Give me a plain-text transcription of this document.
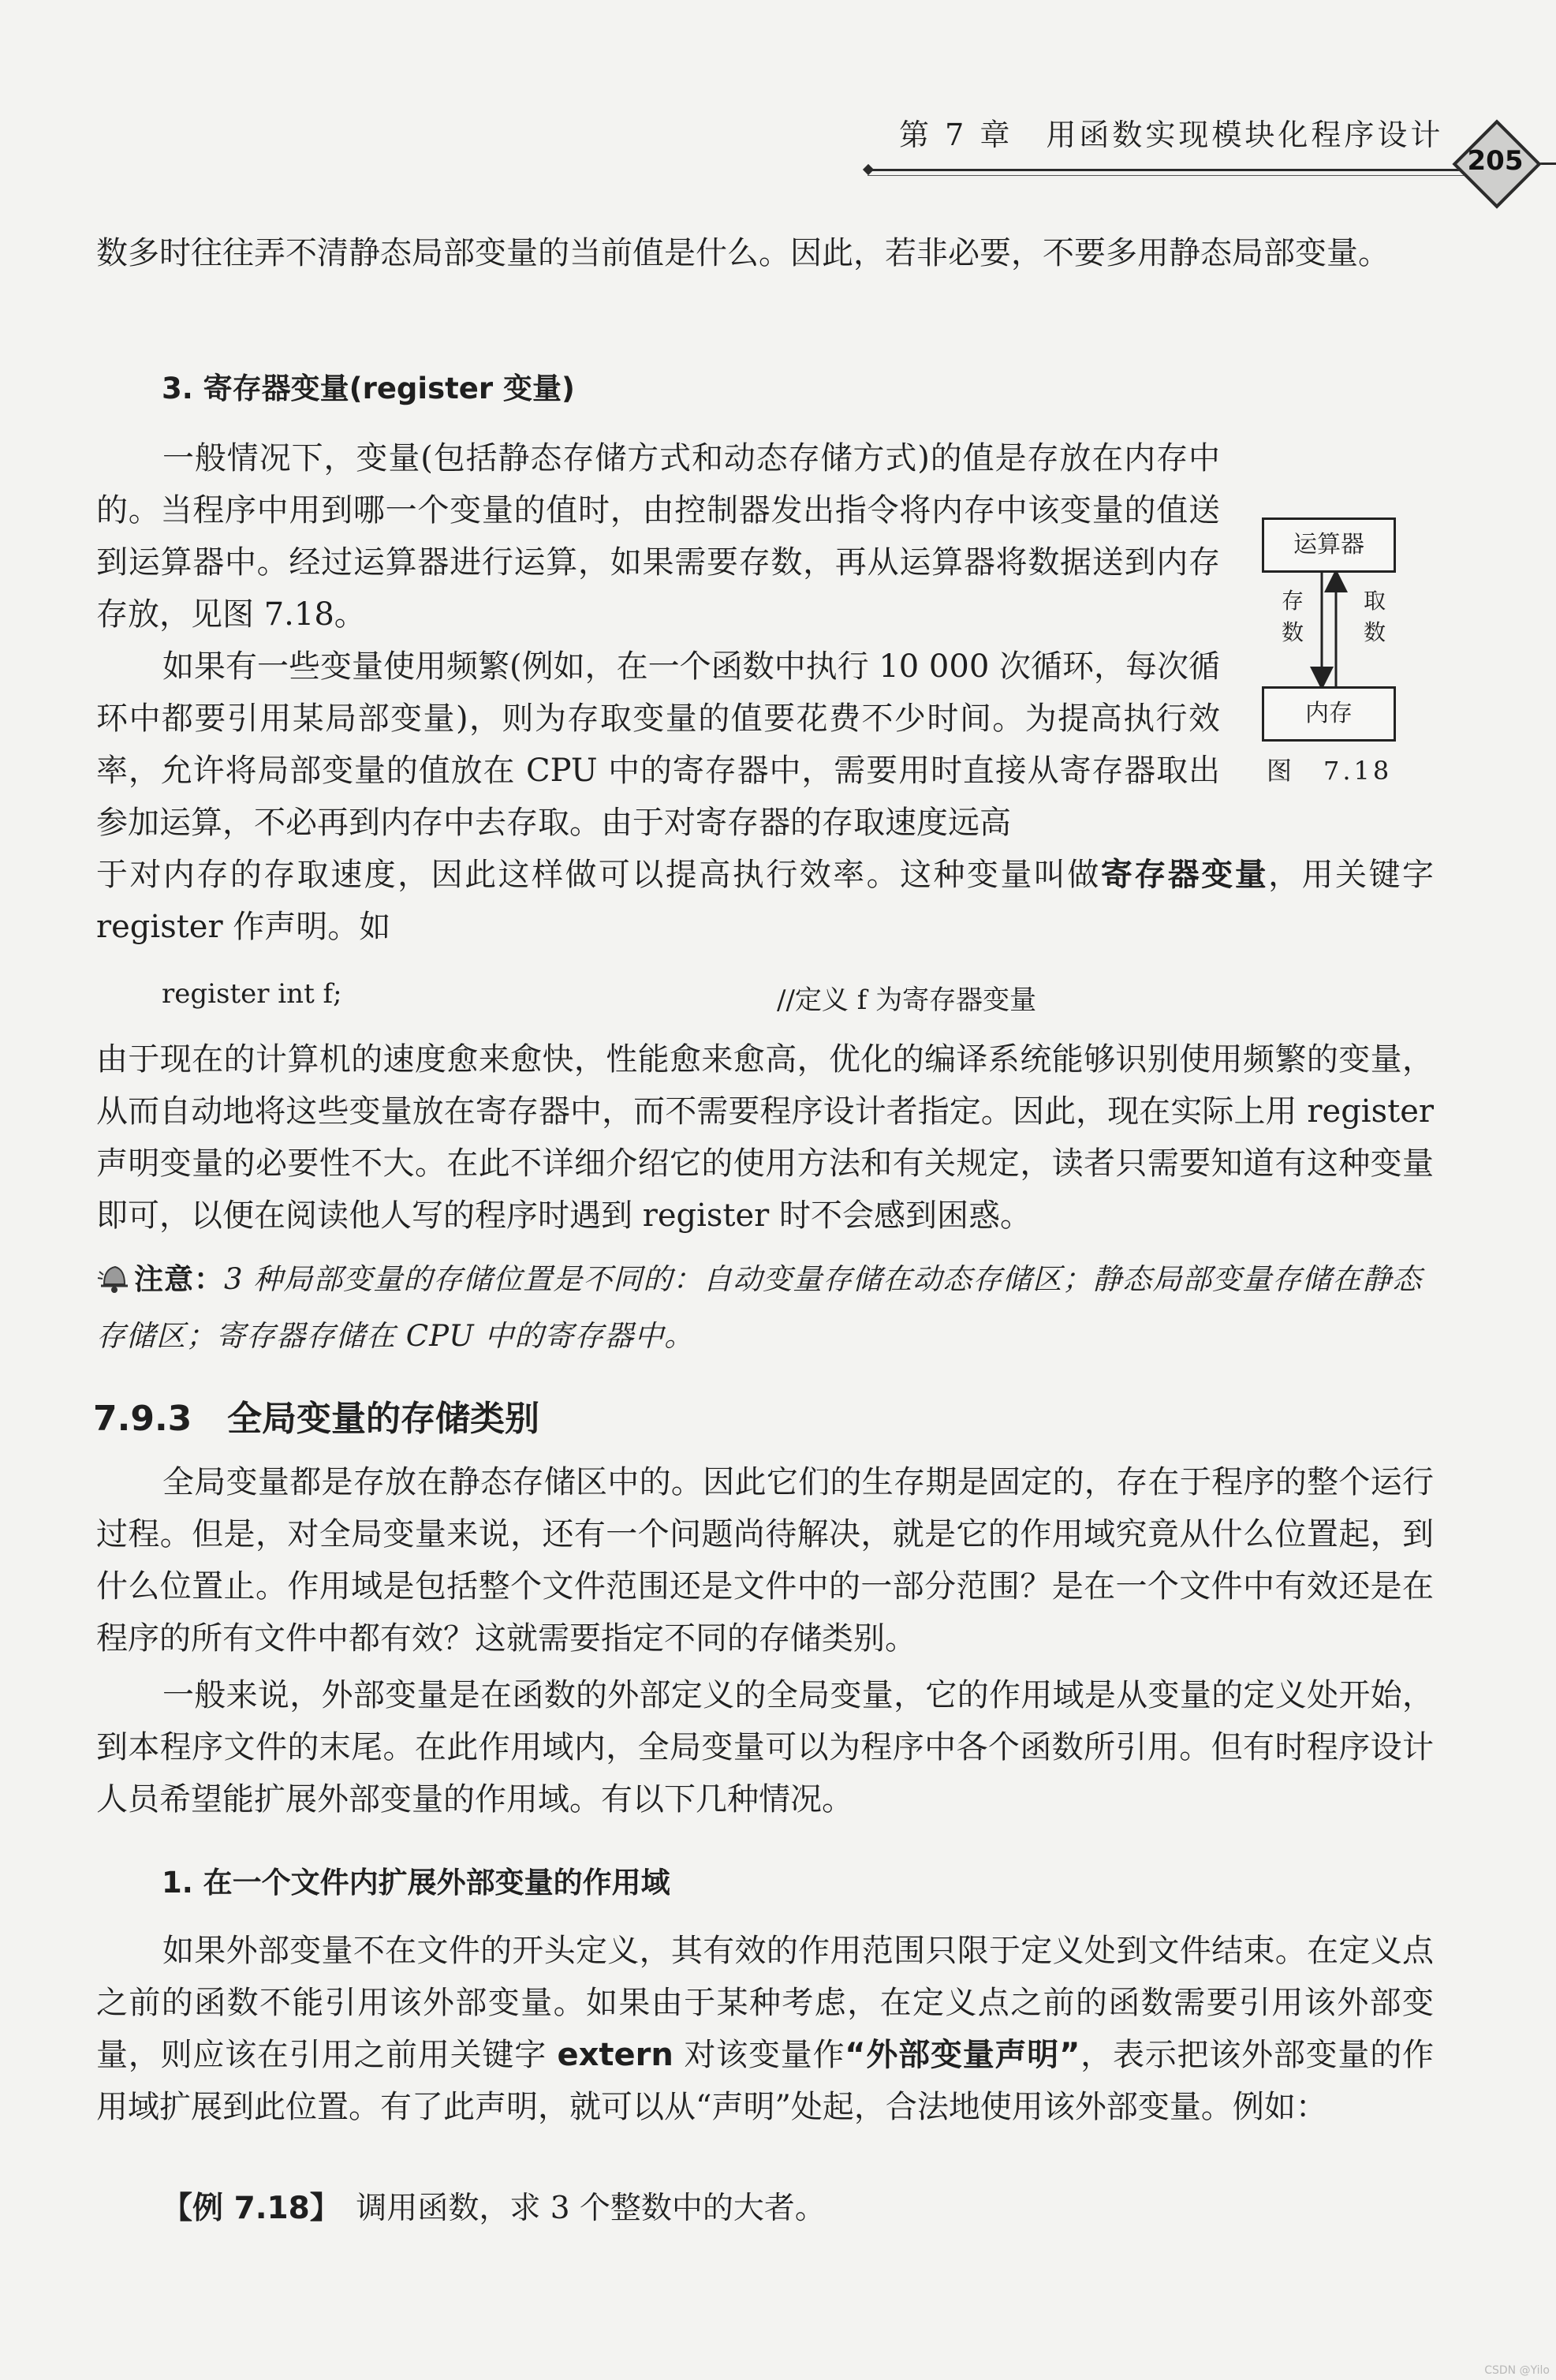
第 7 章　用函数实现模块化程序设计
205
数多时往往弄不清静态局部变量的当前值是什么。因此，若非必要，不要多用静态局部变量。
3. 寄存器变量(register 变量)
一般情况下，变量(包括静态存储方式和动态存储方式)的值是存放在内存中的。当程序中用到哪一个变量的值时，由控制器发出指令将内存中该变量的值送到运算器中。经过运算器进行运算，如果需要存数，再从运算器将数据送到内存存放，见图 7.18。
如果有一些变量使用频繁(例如，在一个函数中执行 10 000 次循环，每次循环中都要引用某局部变量)，则为存取变量的值要花费不少时间。为提高执行效率，允许将局部变量的值放在 CPU 中的寄存器中，需要用时直接从寄存器取出参加运算，不必再到内存中去存取。由于对寄存器的存取速度远高
于对内存的存取速度，因此这样做可以提高执行效率。这种变量叫做寄存器变量，用关键字 register 作声明。如
register int f;	//定义 f 为寄存器变量
由于现在的计算机的速度愈来愈快，性能愈来愈高，优化的编译系统能够识别使用频繁的变量，从而自动地将这些变量放在寄存器中，而不需要程序设计者指定。因此，现在实际上用 register 声明变量的必要性不大。在此不详细介绍它的使用方法和有关规定，读者只需要知道有这种变量即可，以便在阅读他人写的程序时遇到 register 时不会感到困惑。
注意：3 种局部变量的存储位置是不同的：自动变量存储在动态存储区；静态局部变量存储在静态存储区；寄存器存储在 CPU 中的寄存器中。
7.9.3 全局变量的存储类别
全局变量都是存放在静态存储区中的。因此它们的生存期是固定的，存在于程序的整个运行过程。但是，对全局变量来说，还有一个问题尚待解决，就是它的作用域究竟从什么位置起，到什么位置止。作用域是包括整个文件范围还是文件中的一部分范围？是在一个文件中有效还是在程序的所有文件中都有效？这就需要指定不同的存储类别。
一般来说，外部变量是在函数的外部定义的全局变量，它的作用域是从变量的定义处开始，到本程序文件的末尾。在此作用域内，全局变量可以为程序中各个函数所引用。但有时程序设计人员希望能扩展外部变量的作用域。有以下几种情况。
1. 在一个文件内扩展外部变量的作用域
如果外部变量不在文件的开头定义，其有效的作用范围只限于定义处到文件结束。在定义点之前的函数不能引用该外部变量。如果由于某种考虑，在定义点之前的函数需要引用该外部变量，则应该在引用之前用关键字 extern 对该变量作“外部变量声明”，表示把该外部变量的作用域扩展到此位置。有了此声明，就可以从“声明”处起，合法地使用该外部变量。例如：
【例 7.18】　 调用函数，求 3 个整数中的大者。
运算器
存
数
取
数
内存
图　7.18
CSDN @Yilo
